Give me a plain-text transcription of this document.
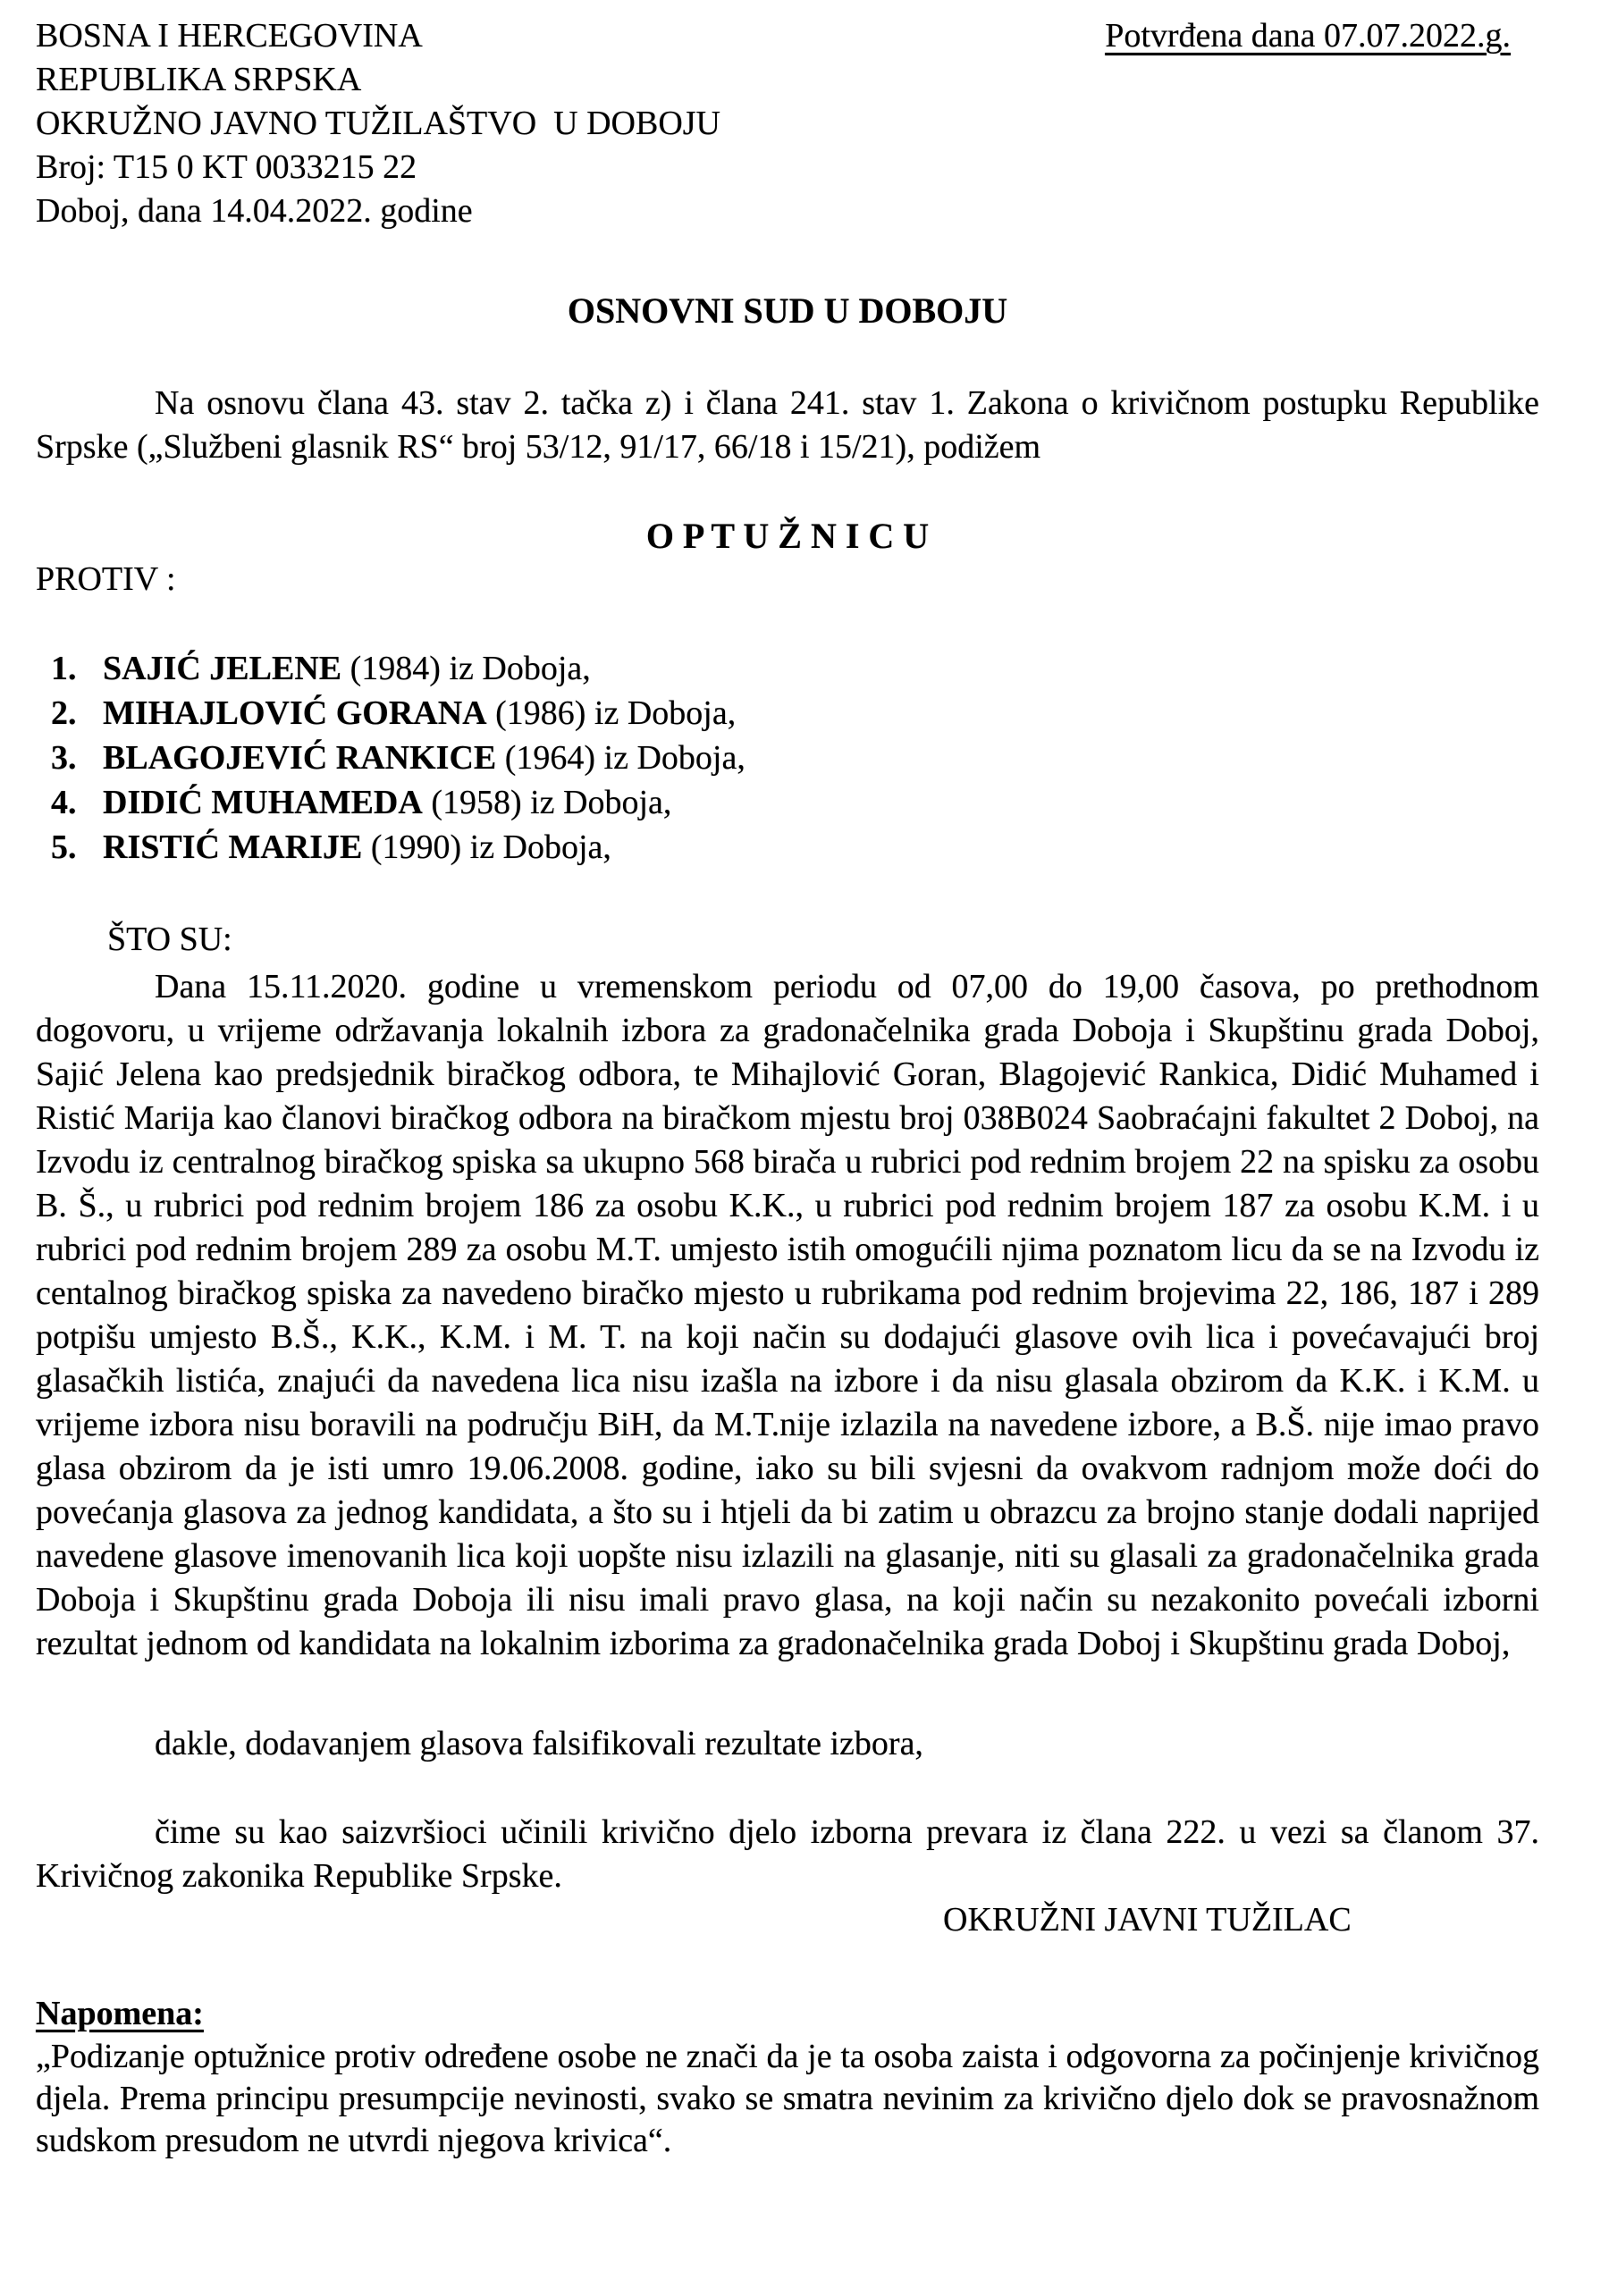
BOSNA I HERCEGOVINA
REPUBLIKA SRPSKA
OKRUŽNO JAVNO TUŽILAŠTVO  U DOBOJU
Broj: T15 0 KT 0033215 22
Doboj, dana 14.04.2022. godine
Potvrđena dana 07.07.2022.g.
OSNOVNI SUD U DOBOJU

Na osnovu člana 43. stav 2. tačka z) i člana 241. stav 1. Zakona o krivičnom postupku Republike Srpske („Službeni glasnik RS“ broj 53/12, 91/17, 66/18 i 15/21), podižem

O P T U Ž N I C U
PROTIV :
1. SAJIĆ JELENE (1984) iz Doboja,
2. MIHAJLOVIĆ GORANA (1986) iz Doboja,
3. BLAGOJEVIĆ RANKICE (1964) iz Doboja,
4. DIDIĆ MUHAMEDA (1958) iz Doboja,
5. RISTIĆ MARIJE (1990) iz Doboja,
ŠTO SU:

Dana 15.11.2020. godine u vremenskom periodu od 07,00 do 19,00 časova, po prethodnom dogovoru, u vrijeme održavanja lokalnih izbora za gradonačelnika grada Doboja i Skupštinu grada Doboj, Sajić Jelena kao predsjednik biračkog odbora, te Mihajlović Goran, Blagojević Rankica, Didić Muhamed i Ristić Marija kao članovi biračkog odbora na biračkom mjestu broj 038B024 Saobraćajni fakultet 2 Doboj, na Izvodu iz centralnog biračkog spiska sa ukupno 568 birača u rubrici pod rednim brojem 22 na spisku za osobu B. Š., u rubrici pod rednim brojem 186 za osobu K.K., u rubrici pod rednim brojem 187 za osobu K.M. i u rubrici pod rednim brojem 289 za osobu M.T. umjesto istih omogućili njima poznatom licu da se na Izvodu iz centalnog biračkog spiska za navedeno biračko mjesto u rubrikama pod rednim brojevima 22, 186, 187 i 289 potpišu umjesto B.Š., K.K., K.M. i M. T. na koji način su dodajući glasove ovih lica i povećavajući broj glasačkih listića, znajući da navedena lica nisu izašla na izbore i da nisu glasala obzirom da K.K. i K.M. u vrijeme izbora nisu boravili na području BiH, da M.T.nije izlazila na navedene izbore, a B.Š. nije imao pravo glasa obzirom da je isti umro 19.06.2008. godine, iako su bili svjesni da ovakvom radnjom može doći do povećanja glasova za jednog kandidata, a što su i htjeli da bi zatim u obrazcu za brojno stanje dodali naprijed navedene glasove imenovanih lica koji uopšte nisu izlazili na glasanje, niti su glasali za gradonačelnika grada Doboja i Skupštinu grada Doboja ili nisu imali pravo glasa, na koji način su nezakonito povećali izborni rezultat jednom od kandidata na lokalnim izborima za gradonačelnika grada Doboj i Skupštinu grada Doboj,

dakle, dodavanjem glasova falsifikovali rezultate izbora,

čime su kao saizvršioci učinili krivično djelo izborna prevara iz člana 222. u vezi sa članom 37. Krivičnog zakonika Republike Srpske.

OKRUŽNI JAVNI TUŽILAC
Napomena:

„Podizanje optužnice protiv određene osobe ne znači da je ta osoba zaista i odgovorna za počinjenje krivičnog djela. Prema principu presumpcije nevinosti, svako se smatra nevinim za krivično djelo dok se pravosnažnom sudskom presudom ne utvrdi njegova krivica“.
